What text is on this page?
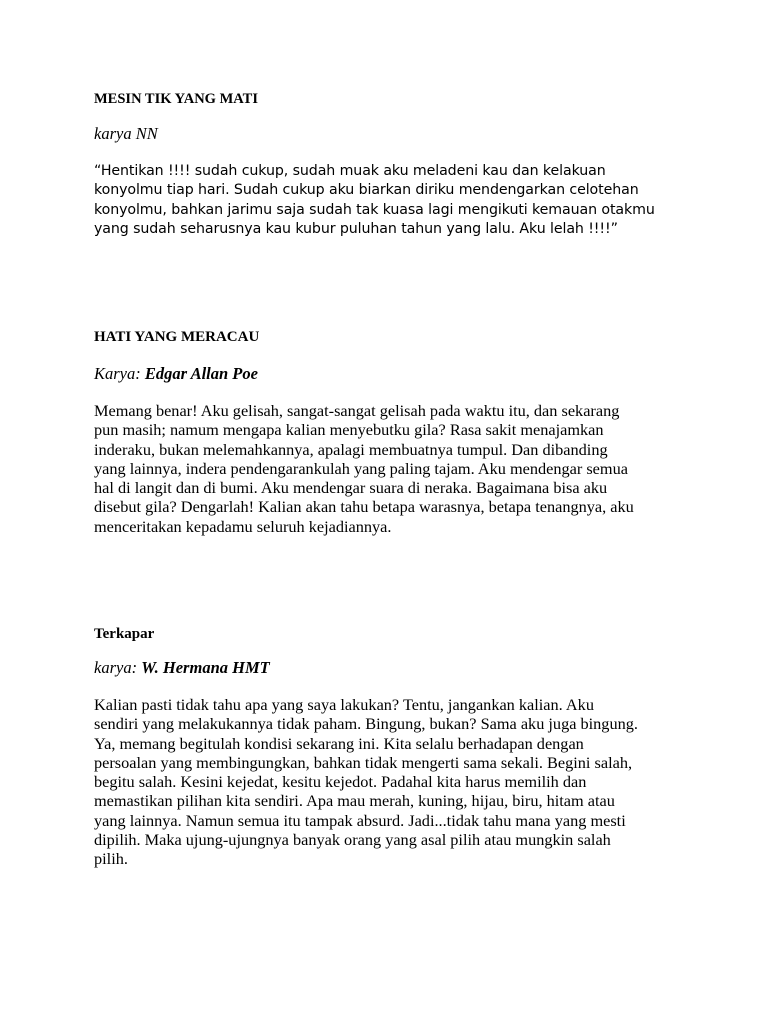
MESIN TIK YANG MATI

karya NN

“Hentikan !!!! sudah cukup, sudah muak aku meladeni kau dan kelakuan
konyolmu tiap hari. Sudah cukup aku biarkan diriku mendengarkan celotehan
konyolmu, bahkan jarimu saja sudah tak kuasa lagi mengikuti kemauan otakmu
yang sudah seharusnya kau kubur puluhan tahun yang lalu. Aku lelah !!!!”

HATI YANG MERACAU

Karya: Edgar Allan Poe

Memang benar! Aku gelisah, sangat-sangat gelisah pada waktu itu, dan sekarang
pun masih; namum mengapa kalian menyebutku gila? Rasa sakit menajamkan
inderaku, bukan melemahkannya, apalagi membuatnya tumpul. Dan dibanding
yang lainnya, indera pendengarankulah yang paling tajam. Aku mendengar semua
hal di langit dan di bumi. Aku mendengar suara di neraka. Bagaimana bisa aku
disebut gila? Dengarlah! Kalian akan tahu betapa warasnya, betapa tenangnya, aku
menceritakan kepadamu seluruh kejadiannya.

Terkapar

karya: W. Hermana HMT

Kalian pasti tidak tahu apa yang saya lakukan? Tentu, jangankan kalian. Aku
sendiri yang melakukannya tidak paham. Bingung, bukan? Sama aku juga bingung.
Ya, memang begitulah kondisi sekarang ini. Kita selalu berhadapan dengan
persoalan yang membingungkan, bahkan tidak mengerti sama sekali. Begini salah,
begitu salah. Kesini kejedat, kesitu kejedot. Padahal kita harus memilih dan
memastikan pilihan kita sendiri. Apa mau merah, kuning, hijau, biru, hitam atau
yang lainnya. Namun semua itu tampak absurd. Jadi...tidak tahu mana yang mesti
dipilih. Maka ujung-ujungnya banyak orang yang asal pilih atau mungkin salah
pilih.
